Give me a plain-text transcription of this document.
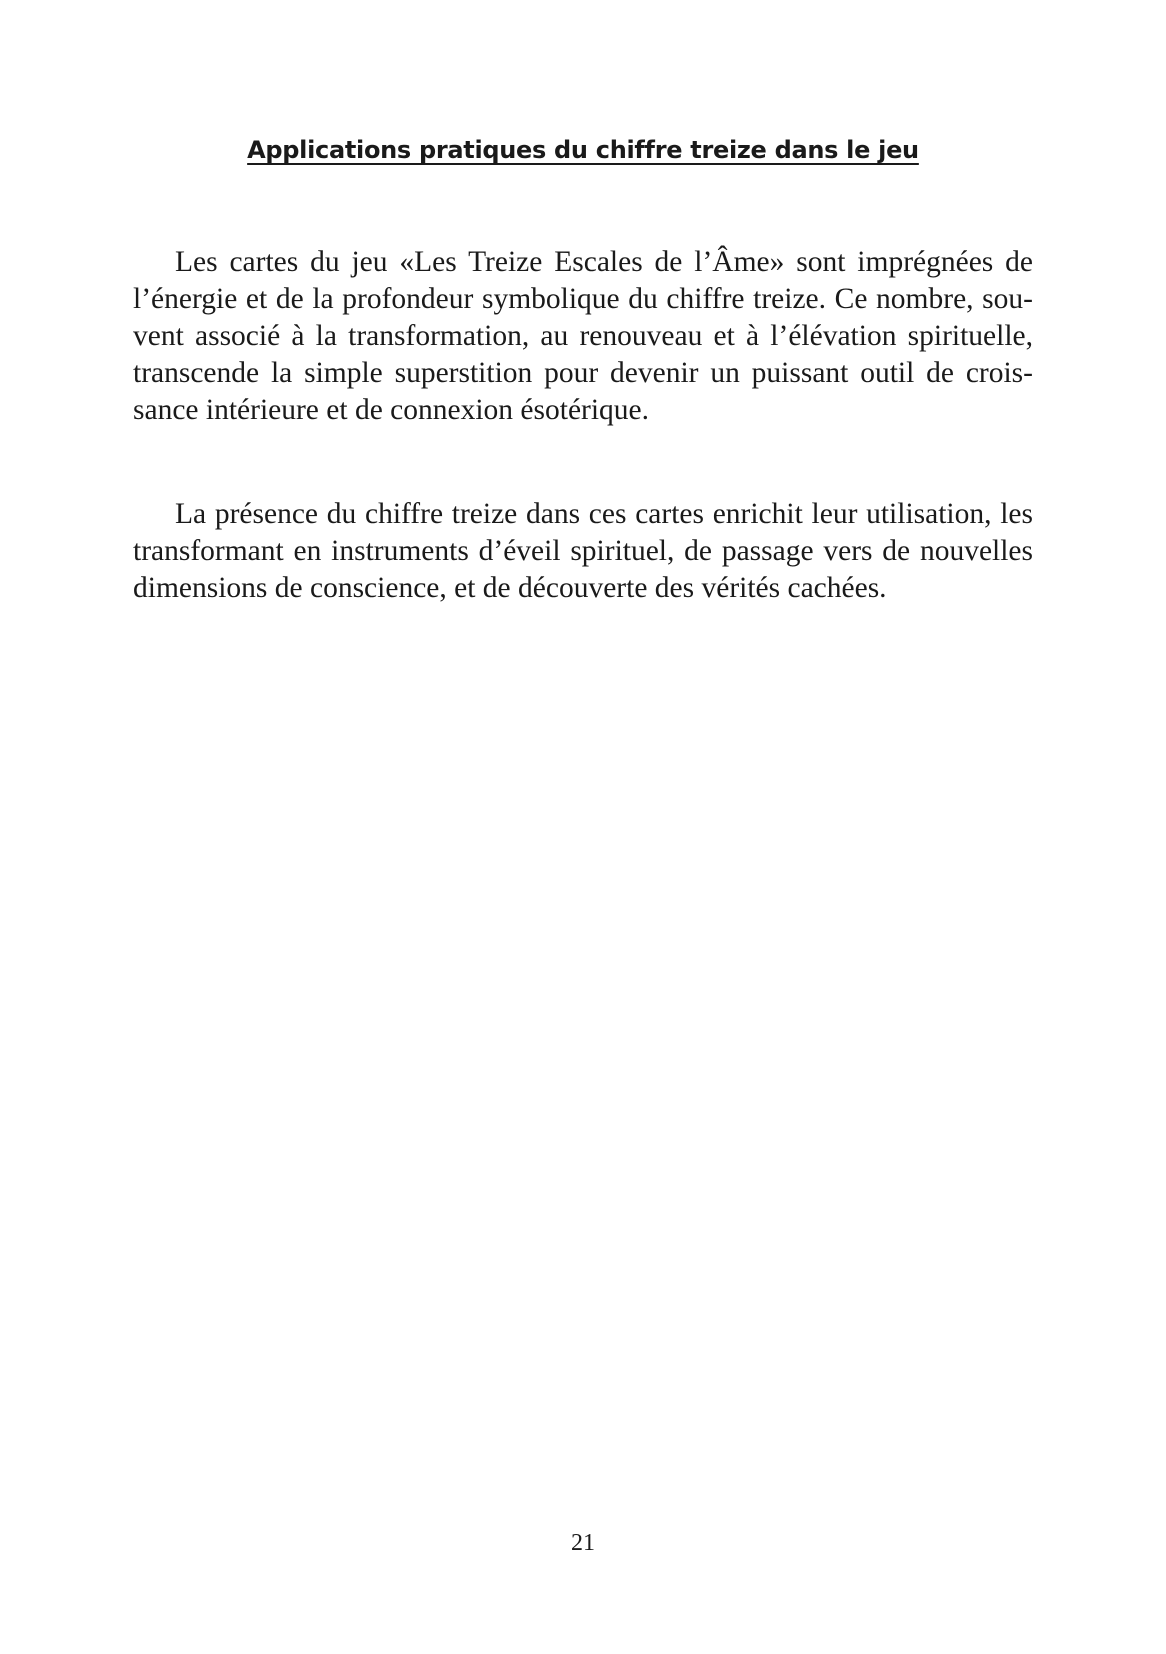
Applications pratiques du chiffre treize dans le jeu

Les cartes du jeu «Les Treize Escales de l’Âme» sont imprégnées de l’énergie et de la profondeur symbolique du chiffre treize. Ce nombre, souvent associé à la transformation, au renouveau et à l’élévation spirituelle, transcende la simple superstition pour devenir un puissant outil de croissance intérieure et de connexion ésotérique.

La présence du chiffre treize dans ces cartes enrichit leur utilisation, les transformant en instruments d’éveil spirituel, de passage vers de nouvelles dimensions de conscience, et de découverte des vérités cachées.

21
